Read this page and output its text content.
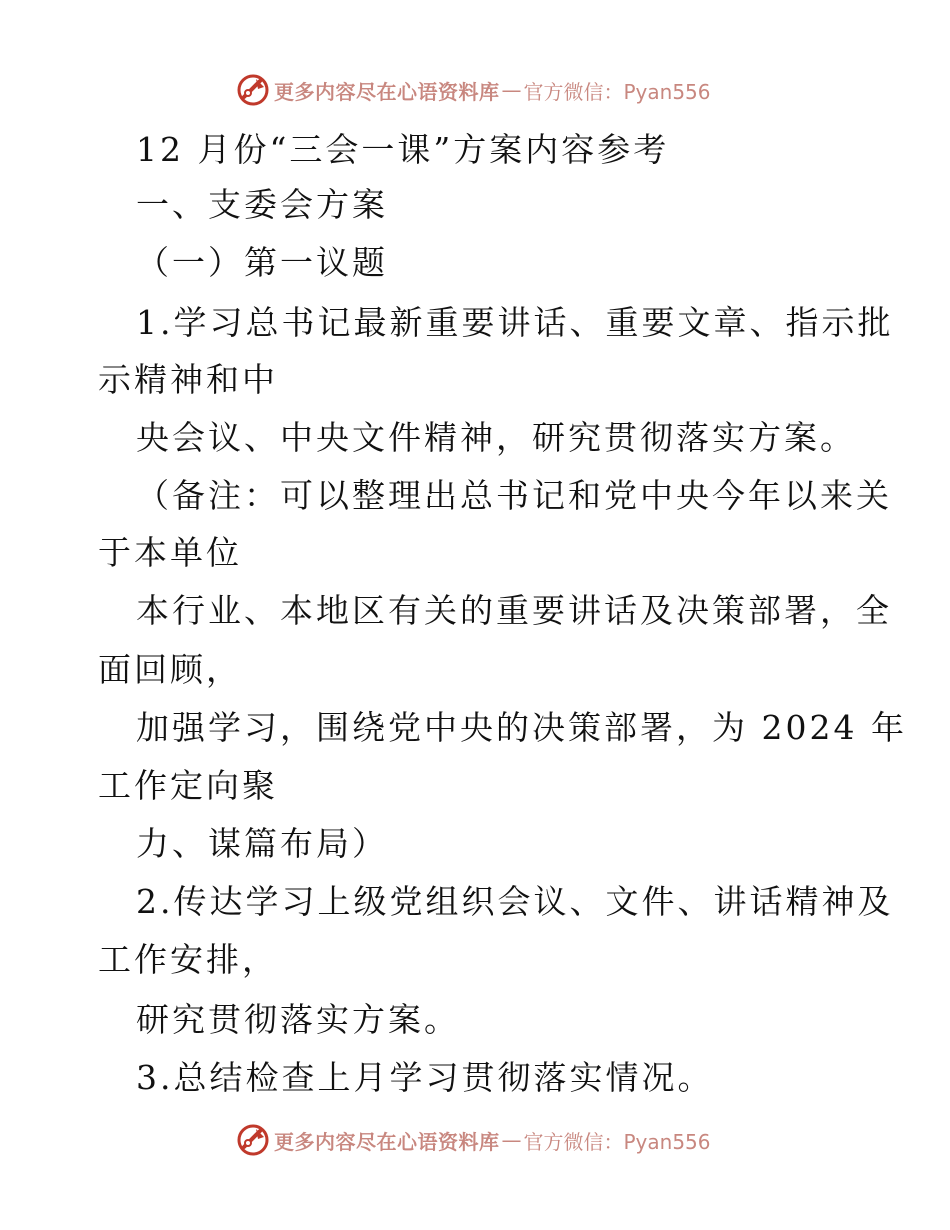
更多内容尽在心语资料库 — 官方微信：Pyan556
12 月份“三会一课”方案内容参考
一、支委会方案
（一）第一议题
1.学习总书记最新重要讲话、重要文章、指示批
示精神和中
央会议、中央文件精神，研究贯彻落实方案。
（备注：可以整理出总书记和党中央今年以来关
于本单位
本行业、本地区有关的重要讲话及决策部署，全
面回顾，
加强学习，围绕党中央的决策部署，为 2024 年
工作定向聚
力、谋篇布局）
2.传达学习上级党组织会议、文件、讲话精神及
工作安排，
研究贯彻落实方案。
3.总结检查上月学习贯彻落实情况。
更多内容尽在心语资料库 — 官方微信：Pyan556
